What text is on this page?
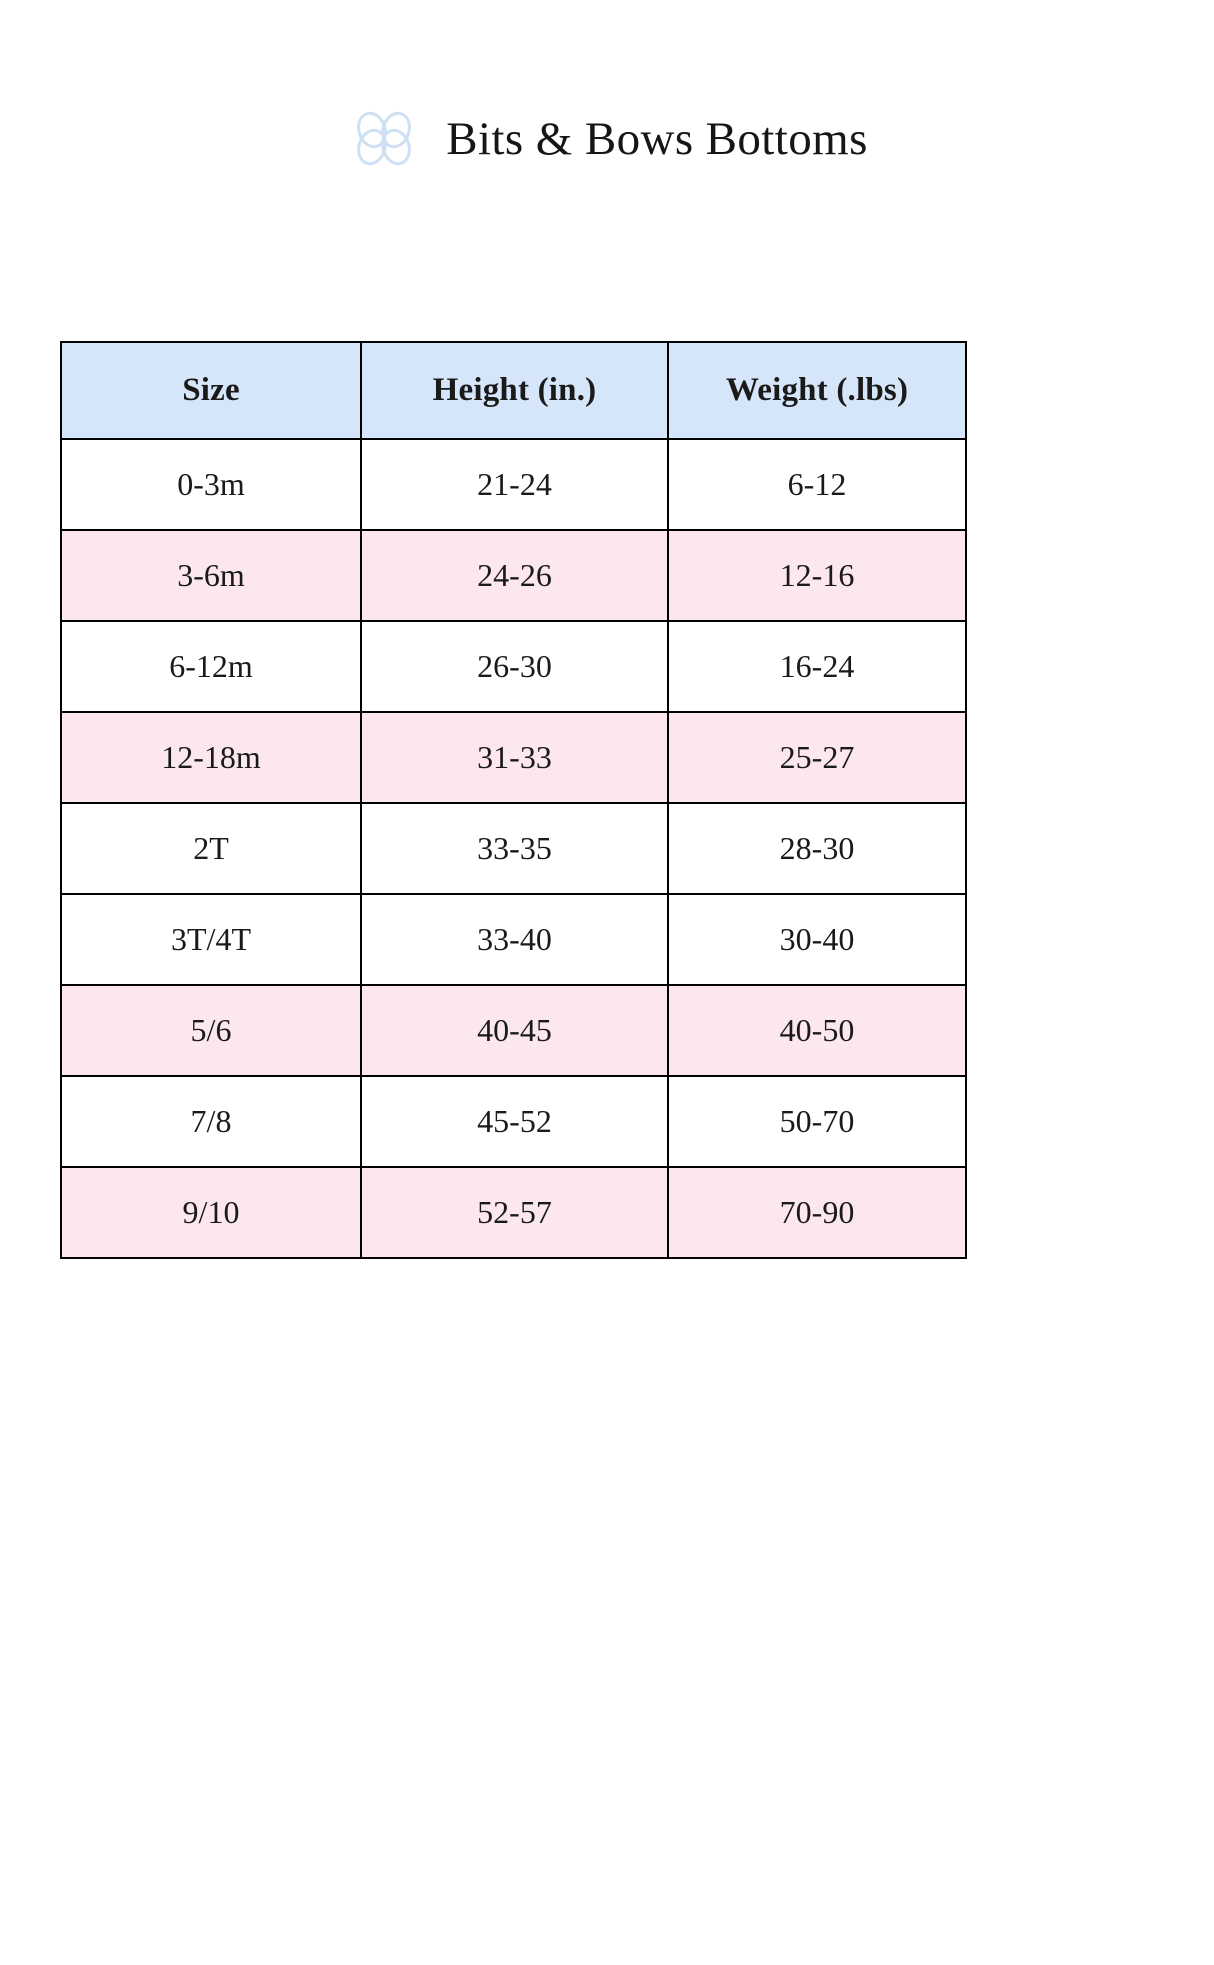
Bits & Bows Bottoms
Size	Height (in.)	Weight (.lbs)
0-3m	21-24	6-12
3-6m	24-26	12-16
6-12m	26-30	16-24
12-18m	31-33	25-27
2T	33-35	28-30
3T/4T	33-40	30-40
5/6	40-45	40-50
7/8	45-52	50-70
9/10	52-57	70-90
